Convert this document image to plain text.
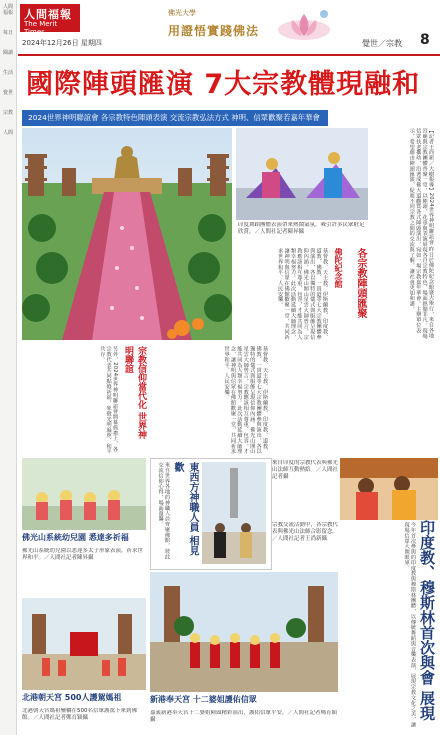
人間福報
每日
閱讀
生活
覺世
宗教
人間
人間福報
The Merit Times
2024年12月26日 星期四
佛光大學
用證悟實踐佛法
覺世／宗教 8
國際陣頭匯演 7大宗教體現融和
2024世界神明聯誼會 各宗教特色陣頭表演 交流宗教弘法方式 神明、信眾歡聚若嘉年華會
【記者王尚新／大樹報導】2024世界神明聯誼會 昨日於佛陀紀念館盛大舉行，來自各地宮廟與宗教團體齊聚一堂，以陣頭、花車與表演展現各自宗教特色，場面熱鬧非凡。現場信眾扶老攜幼，沿著成佛大道觀賞各式陣頭演出，宛如一場宗教嘉年華會。主辦單位表示，希望藉由陣頭匯演，促進不同宗教之間的交流與了解，讓社會更加和諧。
印度舞蹈團體表演帶來熱鬧氣氛，吸引許多民眾駐足欣賞。／人間社記者陳昇攝
各宗教陣頭匯聚
佛陀紀念館
基督教、天主教、伊斯蘭教、印度教、道教、佛教、一貫道等七大宗教團體參與演出，各以獨特的儀式與服飾呈現信仰內涵。佛光山開山星雲大師曾言，宗教應該相互尊重、包容，才能共同為人類幸福努力。此次活動延續大師理念，讓神明與信眾在佛館歡聚一堂，共同祈求世界和平、人民安樂。
另外，2024世界神明聯誼會開幕典禮上，各宗教代表共同點燈祈福，象徵光明遍照、和平共存。	宗教信仰當代化 世界神明聯誼	基督教、天主教、伊斯蘭教、印度教、道教、佛教、一貫道等七大宗教團體參與演出，各以獨特的儀式與服飾呈現信仰內涵。佛光山開山星雲大師曾言，宗教應該相互尊重、包容，才能共同為人類幸福努力。此次活動延續大師理念，讓神明與信眾在佛館歡聚一堂，共同祈求世界和平、人民安樂。
來自印度的宗教代表與佛光山法師互動熱絡。／人間社記者攝
印度教、穆斯林首次與會 展現
今年首次參與的印度教與穆斯林團體，以傳統舞蹈與音樂表演，展現宗教文化之美，讓現場信眾大開眼界。
東西方神職人員 相見歡
來自世界各地的神職人員齊聚佛館，彼此交流信仰心得，場面溫馨。	宗教交流活動中，各宗教代表與佛光山法師合影留念。／人間社記者王尚新攝
佛光山系統幼兒園 悉達多祈福
佛光山系統幼兒園以悉達多太子形象表演，祈求世界和平。／人間社記者陳昇攝
北港朝天宮 500人護駕媽祖
北港朝天宮媽祖鑾轎在500名信眾護駕下來到佛館。／人間社記者鄭育穎攝
新港奉天宮 十二婆姐護佑信眾
嘉義新港奉天宮十二婆姐陣頭精彩演出，護佑信眾平安。／人間社記者鄭育穎攝
